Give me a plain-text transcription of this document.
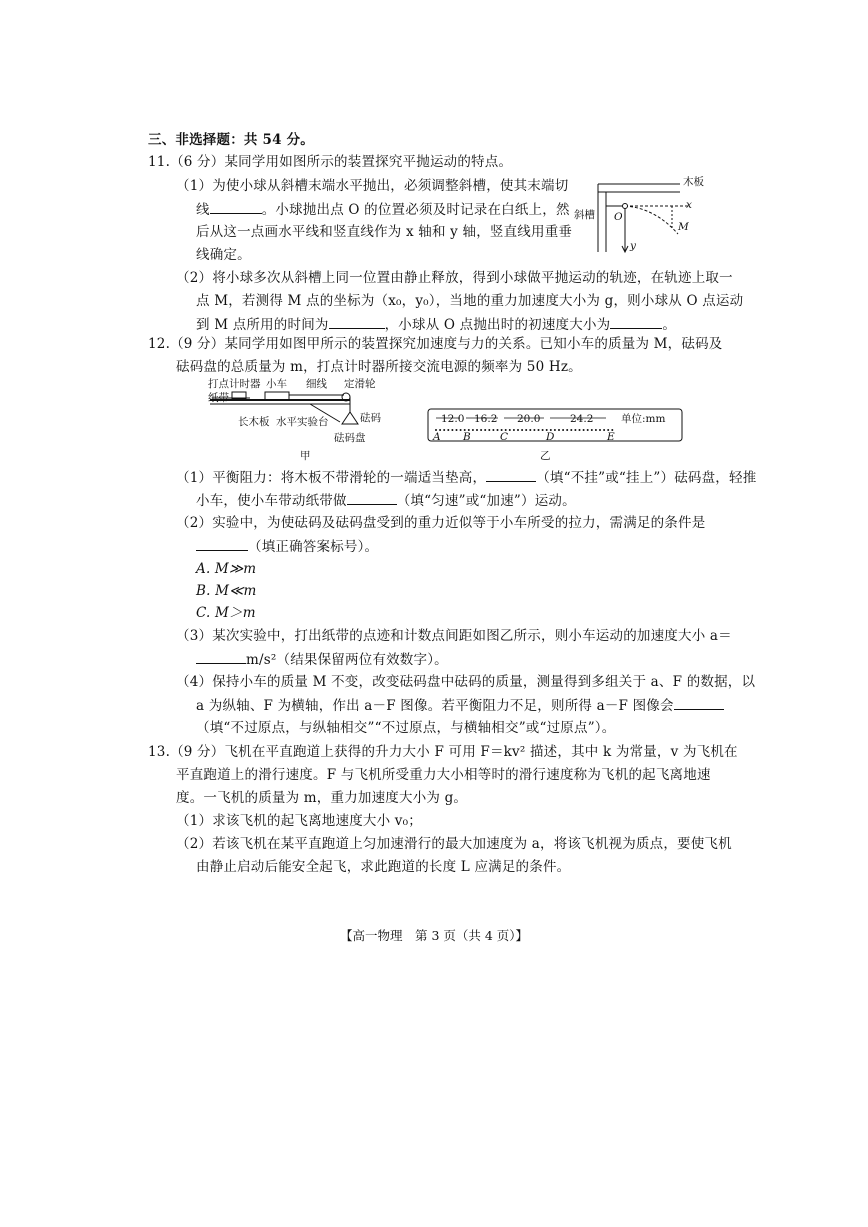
三、非选择题：共 54 分。
11.（6 分）某同学用如图所示的装置探究平抛运动的特点。
（1）为使小球从斜槽末端水平抛出，必须调整斜槽，使其末端切
线	。小球抛出点 O 的位置必须及时记录在白纸上，然
后从这一点画水平线和竖直线作为 x 轴和 y 轴，竖直线用重垂
线确定。
（2）将小球多次从斜槽上同一位置由静止释放，得到小球做平抛运动的轨迹，在轨迹上取一
点 M，若测得 M 点的坐标为（x₀，y₀），当地的重力加速度大小为 g，则小球从 O 点运动
到 M 点所用的时间为	，小球从 O 点抛出时的初速度大小为	。
木板
斜槽 O
x
y
M
12.（9 分）某同学用如图甲所示的装置探究加速度与力的关系。已知小车的质量为 M，砝码及
砝码盘的总质量为 m，打点计时器所接交流电源的频率为 50 Hz。
打点计时器 小车 细线 定滑轮
纸带
长木板 水平实验台	砝码
砝码盘
甲
12.0 16.2 20.0	24.2	单位:mm
A B	C	D	E
乙
（1）平衡阻力：将木板不带滑轮的一端适当垫高，	（填“不挂”或“挂上”）砝码盘，轻推
小车，使小车带动纸带做	（填“匀速”或“加速”）运动。
（2）实验中，为使砝码及砝码盘受到的重力近似等于小车所受的拉力，需满足的条件是
（填正确答案标号）。
A. M≫m
B. M≪m
C. M＞m
（3）某次实验中，打出纸带的点迹和计数点间距如图乙所示，则小车运动的加速度大小 a＝
m/s²（结果保留两位有效数字）。
（4）保持小车的质量 M 不变，改变砝码盘中砝码的质量，测量得到多组关于 a、F 的数据，以
a 为纵轴、F 为横轴，作出 a－F 图像。若平衡阻力不足，则所得 a－F 图像会
（填“不过原点，与纵轴相交”“不过原点，与横轴相交”或“过原点”）。
13.（9 分）飞机在平直跑道上获得的升力大小 F 可用 F＝kv² 描述，其中 k 为常量，v 为飞机在
平直跑道上的滑行速度。F 与飞机所受重力大小相等时的滑行速度称为飞机的起飞离地速
度。一飞机的质量为 m，重力加速度大小为 g。
（1）求该飞机的起飞离地速度大小 v₀；
（2）若该飞机在某平直跑道上匀加速滑行的最大加速度为 a，将该飞机视为质点，要使飞机
由静止启动后能安全起飞，求此跑道的长度 L 应满足的条件。
【高一物理　第 3 页（共 4 页）】
